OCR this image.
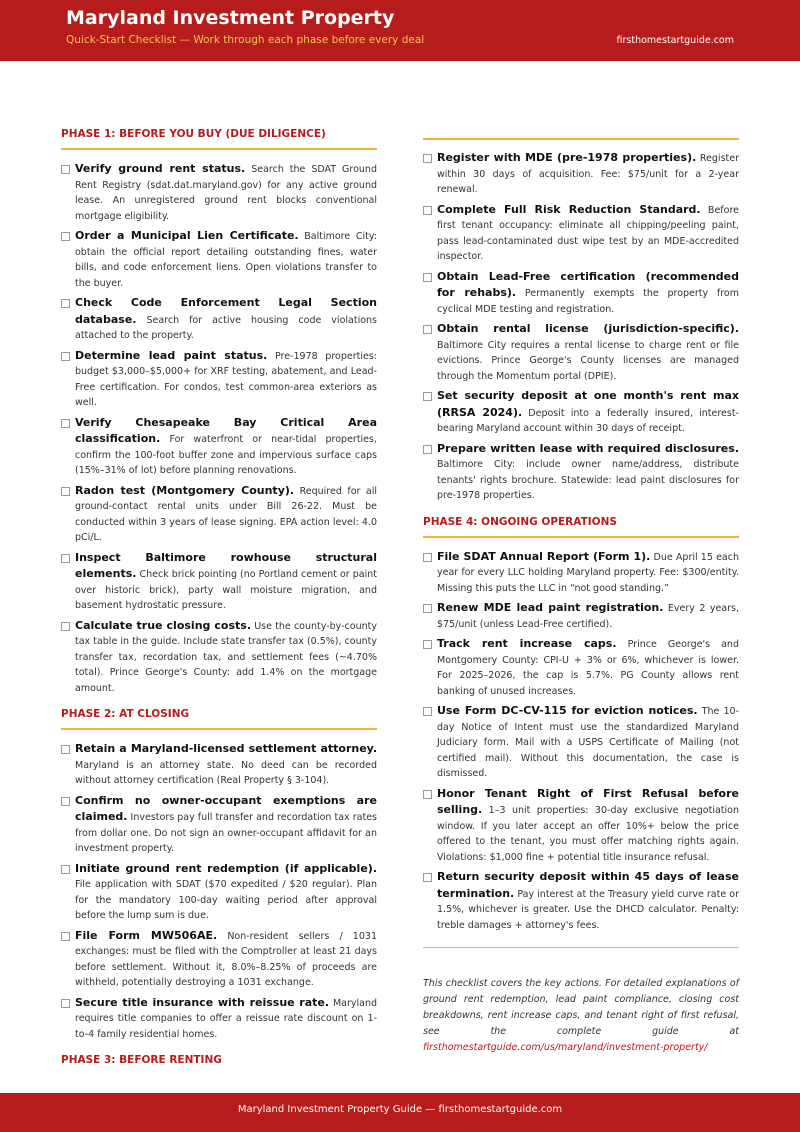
Maryland Investment Property
Quick-Start Checklist — Work through each phase before every deal	firsthomestartguide.com
PHASE 1: BEFORE YOU BUY (DUE DILIGENCE)
Verify ground rent status. Search the SDAT Ground Rent Registry (sdat.dat.maryland.gov) for any active ground lease. An unregistered ground rent blocks conventional mortgage eligibility.
Order a Municipal Lien Certificate. Baltimore City: obtain the official report detailing outstanding fines, water bills, and code enforcement liens. Open violations transfer to the buyer.
Check Code Enforcement Legal Section database. Search for active housing code violations attached to the property.
Determine lead paint status. Pre-1978 properties: budget $3,000–$5,000+ for XRF testing, abatement, and Lead-Free certification. For condos, test common-area exteriors as well.
Verify Chesapeake Bay Critical Area classification. For waterfront or near-tidal properties, confirm the 100-foot buffer zone and impervious surface caps (15%–31% of lot) before planning renovations.
Radon test (Montgomery County). Required for all ground-contact rental units under Bill 26-22. Must be conducted within 3 years of lease signing. EPA action level: 4.0 pCi/L.
Inspect Baltimore rowhouse structural elements. Check brick pointing (no Portland cement or paint over historic brick), party wall moisture migration, and basement hydrostatic pressure.
Calculate true closing costs. Use the county-by-county tax table in the guide. Include state transfer tax (0.5%), county transfer tax, recordation tax, and settlement fees (~4.70% total). Prince George's County: add 1.4% on the mortgage amount.
PHASE 2: AT CLOSING
Retain a Maryland-licensed settlement attorney. Maryland is an attorney state. No deed can be recorded without attorney certification (Real Property § 3-104).
Confirm no owner-occupant exemptions are claimed. Investors pay full transfer and recordation tax rates from dollar one. Do not sign an owner-occupant affidavit for an investment property.
Initiate ground rent redemption (if applicable). File application with SDAT ($70 expedited / $20 regular). Plan for the mandatory 100-day waiting period after approval before the lump sum is due.
File Form MW506AE. Non-resident sellers / 1031 exchanges: must be filed with the Comptroller at least 21 days before settlement. Without it, 8.0%–8.25% of proceeds are withheld, potentially destroying a 1031 exchange.
Secure title insurance with reissue rate. Maryland requires title companies to offer a reissue rate discount on 1-to-4 family residential homes.
PHASE 3: BEFORE RENTING
Register with MDE (pre-1978 properties). Register within 30 days of acquisition. Fee: $75/unit for a 2-year renewal.
Complete Full Risk Reduction Standard. Before first tenant occupancy: eliminate all chipping/peeling paint, pass lead-contaminated dust wipe test by an MDE-accredited inspector.
Obtain Lead-Free certification (recommended for rehabs). Permanently exempts the property from cyclical MDE testing and registration.
Obtain rental license (jurisdiction-specific). Baltimore City requires a rental license to charge rent or file evictions. Prince George's County licenses are managed through the Momentum portal (DPIE).
Set security deposit at one month's rent max (RRSA 2024). Deposit into a federally insured, interest-bearing Maryland account within 30 days of receipt.
Prepare written lease with required disclosures. Baltimore City: include owner name/address, distribute tenants' rights brochure. Statewide: lead paint disclosures for pre-1978 properties.
PHASE 4: ONGOING OPERATIONS
File SDAT Annual Report (Form 1). Due April 15 each year for every LLC holding Maryland property. Fee: $300/entity. Missing this puts the LLC in “not good standing.”
Renew MDE lead paint registration. Every 2 years, $75/unit (unless Lead-Free certified).
Track rent increase caps. Prince George's and Montgomery County: CPI-U + 3% or 6%, whichever is lower. For 2025–2026, the cap is 5.7%. PG County allows rent banking of unused increases.
Use Form DC-CV-115 for eviction notices. The 10-day Notice of Intent must use the standardized Maryland Judiciary form. Mail with a USPS Certificate of Mailing (not certified mail). Without this documentation, the case is dismissed.
Honor Tenant Right of First Refusal before selling. 1–3 unit properties: 30-day exclusive negotiation window. If you later accept an offer 10%+ below the price offered to the tenant, you must offer matching rights again. Violations: $1,000 fine + potential title insurance refusal.
Return security deposit within 45 days of lease termination. Pay interest at the Treasury yield curve rate or 1.5%, whichever is greater. Use the DHCD calculator. Penalty: treble damages + attorney's fees.

This checklist covers the key actions. For detailed explanations of ground rent redemption, lead paint compliance, closing cost breakdowns, rent increase caps, and tenant right of first refusal, see the complete guide at firsthomestartguide.com/us/maryland/investment-property/

Maryland Investment Property Guide — firsthomestartguide.com
